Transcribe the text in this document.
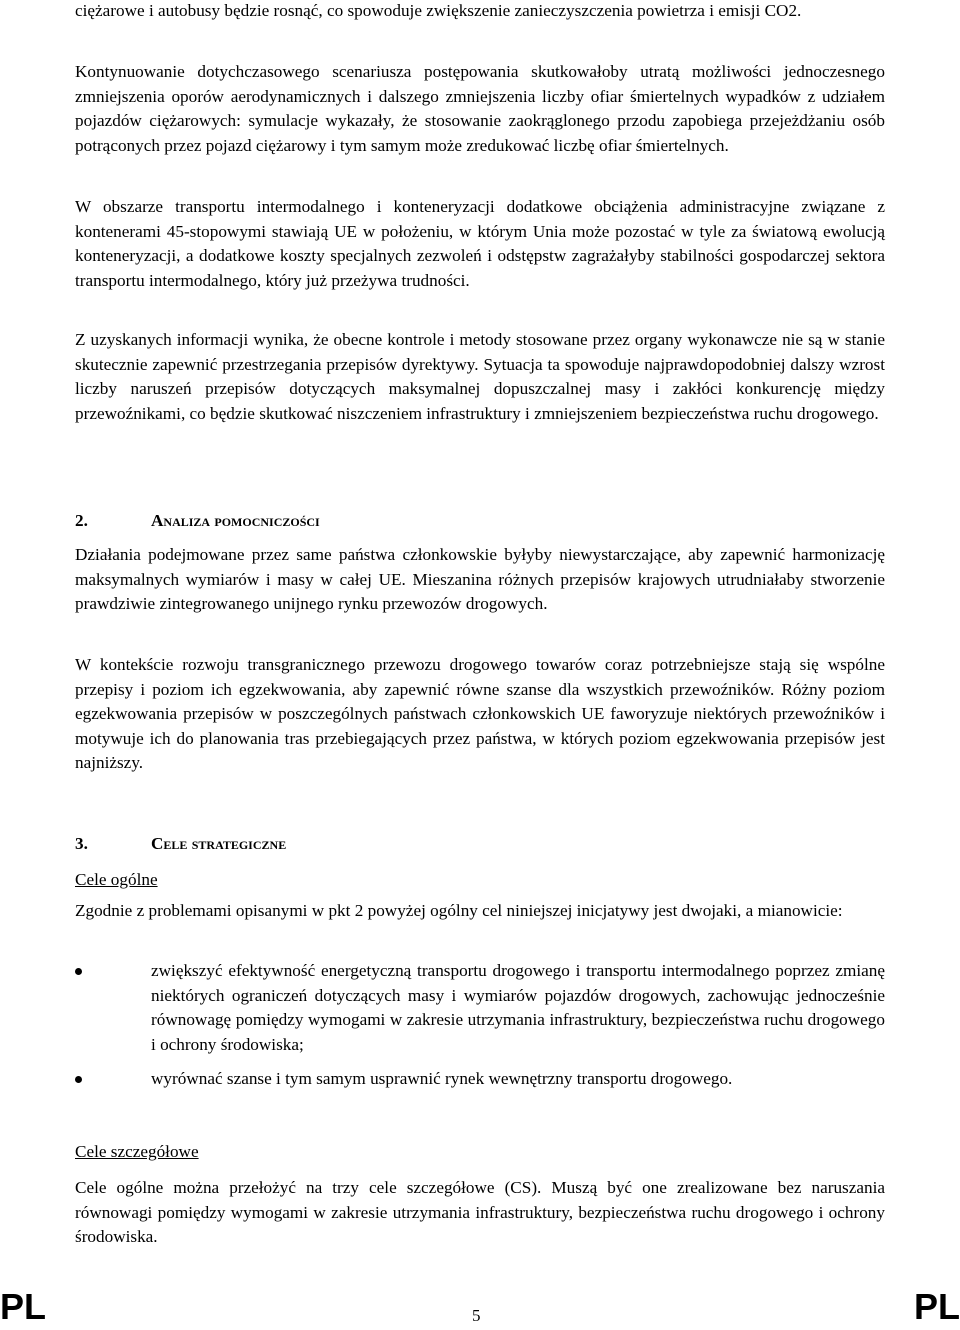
ciężarowe i autobusy będzie rosnąć, co spowoduje zwiększenie zanieczyszczenia powietrza i emisji CO2.

Kontynuowanie dotychczasowego scenariusza postępowania skutkowałoby utratą możliwości jednoczesnego zmniejszenia oporów aerodynamicznych i dalszego zmniejszenia liczby ofiar śmiertelnych wypadków z udziałem pojazdów ciężarowych: symulacje wykazały, że stosowanie zaokrąglonego przodu zapobiega przejeżdżaniu osób potrąconych przez pojazd ciężarowy i tym samym może zredukować liczbę ofiar śmiertelnych.

W obszarze transportu intermodalnego i konteneryzacji dodatkowe obciążenia administracyjne związane z kontenerami 45-stopowymi stawiają UE w położeniu, w którym Unia może pozostać w tyle za światową ewolucją konteneryzacji, a dodatkowe koszty specjalnych zezwoleń i odstępstw zagrażałyby stabilności gospodarczej sektora transportu intermodalnego, który już przeżywa trudności.

Z uzyskanych informacji wynika, że obecne kontrole i metody stosowane przez organy wykonawcze nie są w stanie skutecznie zapewnić przestrzegania przepisów dyrektywy. Sytuacja ta spowoduje najprawdopodobniej dalszy wzrost liczby naruszeń przepisów dotyczących maksymalnej dopuszczalnej masy i zakłóci konkurencję między przewoźnikami, co będzie skutkować niszczeniem infrastruktury i zmniejszeniem bezpieczeństwa ruchu drogowego.

2.	Analiza pomocniczości

Działania podejmowane przez same państwa członkowskie byłyby niewystarczające, aby zapewnić harmonizację maksymalnych wymiarów i masy w całej UE. Mieszanina różnych przepisów krajowych utrudniałaby stworzenie prawdziwie zintegrowanego unijnego rynku przewozów drogowych.

W kontekście rozwoju transgranicznego przewozu drogowego towarów coraz potrzebniejsze stają się wspólne przepisy i poziom ich egzekwowania, aby zapewnić równe szanse dla wszystkich przewoźników. Różny poziom egzekwowania przepisów w poszczególnych państwach członkowskich UE faworyzuje niektórych przewoźników i motywuje ich do planowania tras przebiegających przez państwa, w których poziom egzekwowania przepisów jest najniższy.

3.	Cele strategiczne
Cele ogólne

Zgodnie z problemami opisanymi w pkt 2 powyżej ogólny cel niniejszej inicjatywy jest dwojaki, a mianowicie:

zwiększyć efektywność energetyczną transportu drogowego i transportu intermodalnego poprzez zmianę niektórych ograniczeń dotyczących masy i wymiarów pojazdów drogowych, zachowując jednocześnie równowagę pomiędzy wymogami w zakresie utrzymania infrastruktury, bezpieczeństwa ruchu drogowego i ochrony środowiska;

wyrównać szanse i tym samym usprawnić rynek wewnętrzny transportu drogowego.

Cele szczegółowe

Cele ogólne można przełożyć na trzy cele szczegółowe (CS). Muszą być one zrealizowane bez naruszania równowagi pomiędzy wymogami w zakresie utrzymania infrastruktury, bezpieczeństwa ruchu drogowego i ochrony środowiska.

PL	5	PL
